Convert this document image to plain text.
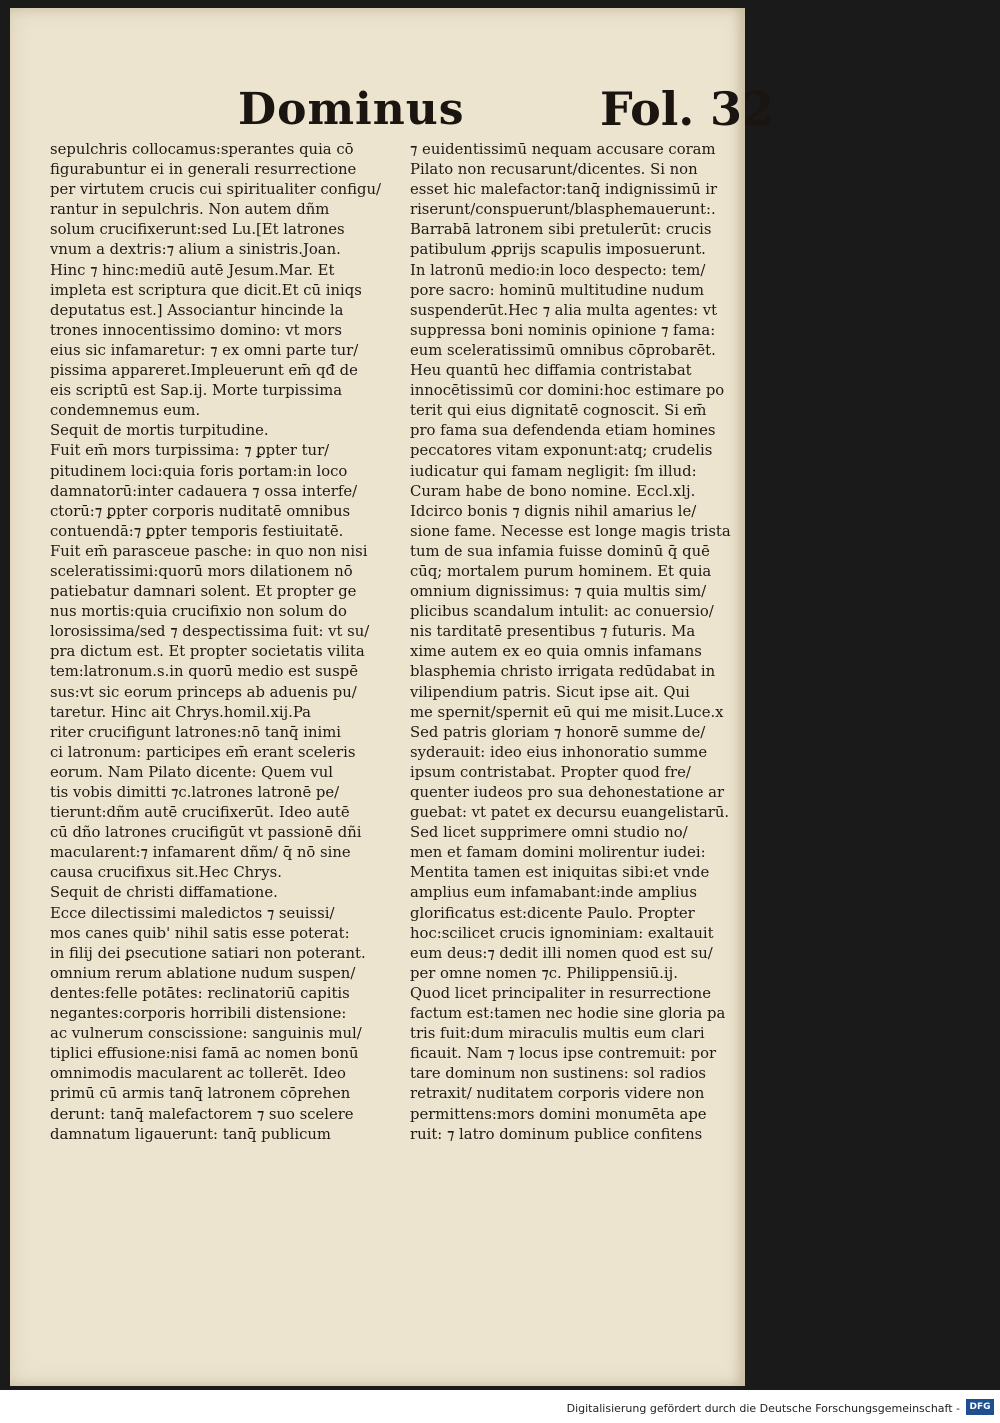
Dominus	Fol. 32
sepulchris collocamus:sperantes quia cō
figurabuntur ei in generali resurrectione
per virtutem crucis cui spiritualiter configu/
rantur in sepulchris. Non autem dñm
solum crucifixerunt:sed Lu.[Et latrones
vnum a dextris:⁊ alium a sinistris.Joan.
Hinc ⁊ hinc:mediū autē Jesum.Mar. Et
impleta est scriptura que dicit.Et cū iniqs
deputatus est.] Associantur hincinde la
trones innocentissimo domino: vt mors
eius sic infamaretur: ⁊ ex omni parte tur/
pissima appareret.Impleuerunt em̄ qđ de
eis scriptū est Sap.ij. Morte turpissima
condemnemus eum.
Sequit de mortis turpitudine.
Fuit em̄ mors turpissima: ⁊ ꝑpter tur/
pitudinem loci:quia foris portam:in loco
damnatorū:inter cadauera ⁊ ossa interfe/
ctorū:⁊ ꝑpter corporis nuditatē omnibus
contuendā:⁊ ꝑpter temporis festiuitatē.
Fuit em̄ parasceue pasche: in quo non nisi
sceleratissimi:quorū mors dilationem nō
patiebatur damnari solent. Et propter ge
nus mortis:quia crucifixio non solum do
lorosissima/sed ⁊ despectissima fuit: vt su/
pra dictum est. Et propter societatis vilita
tem:latronum.s.in quorū medio est suspē
sus:vt sic eorum princeps ab aduenis pu/
taretur. Hinc ait Chrys.homil.xij.Pa
riter crucifigunt latrones:nō tanq̄ inimi
ci latronum: participes em̄ erant sceleris
eorum. Nam Pilato dicente: Quem vul
tis vobis dimitti ⁊c.latrones latronē pe/
tierunt:dñm autē crucifixerūt. Ideo autē
cū dño latrones crucifigūt vt passionē dñi
macularent:⁊ infamarent dñm/ q̄ nō sine
causa crucifixus sit.Hec Chrys.
Sequit de christi diffamatione.
Ecce dilectissimi maledictos ⁊ seuissi/
mos canes quib' nihil satis esse poterat:
in filij dei ꝑsecutione satiari non poterant.
omnium rerum ablatione nudum suspen/
dentes:felle potātes: reclinatoriū capitis
negantes:corporis horribili distensione:
ac vulnerum conscissione: sanguinis mul/
tiplici effusione:nisi famā ac nomen bonū
omnimodis macularent ac tollerēt. Ideo
primū cū armis tanq̄ latronem cōprehen
derunt: tanq̄ malefactorem ⁊ suo scelere
damnatum ligauerunt: tanq̄ publicum
⁊ euidentissimū nequam accusare coram
Pilato non recusarunt/dicentes. Si non
esset hic malefactor:tanq̄ indignissimū ir
riserunt/conspuerunt/blasphemauerunt:.
Barrabā latronem sibi pretulerūt: crucis
patibulum ꝓprijs scapulis imposuerunt.
In latronū medio:in loco despecto: tem/
pore sacro: hominū multitudine nudum
suspenderūt.Hec ⁊ alia multa agentes: vt
suppressa boni nominis opinione ⁊ fama:
eum sceleratissimū omnibus cōprobarēt.
Heu quantū hec diffamia contristabat
innocētissimū cor domini:hoc estimare po
terit qui eius dignitatē cognoscit. Si em̄
pro fama sua defendenda etiam homines
peccatores vitam exponunt:atq; crudelis
iudicatur qui famam negligit: ſm illud:
Curam habe de bono nomine. Eccl.xlj.
Idcirco bonis ⁊ dignis nihil amarius le/
sione fame. Necesse est longe magis trista
tum de sua infamia fuisse dominū q̄ quē
cūq; mortalem purum hominem. Et quia
omnium dignissimus: ⁊ quia multis sim/
plicibus scandalum intulit: ac conuersio/
nis tarditatē presentibus ⁊ futuris. Ma
xime autem ex eo quia omnis infamans
blasphemia christo irrigata redūdabat in
vilipendium patris. Sicut ipse ait. Qui
me spernit/spernit eū qui me misit.Luce.x
Sed patris gloriam ⁊ honorē summe de/
syderauit: ideo eius inhonoratio summe
ipsum contristabat. Propter quod fre/
quenter iudeos pro sua dehonestatione ar
guebat: vt patet ex decursu euangelistarū.
Sed licet supprimere omni studio no/
men et famam domini molirentur iudei:
Mentita tamen est iniquitas sibi:et vnde
amplius eum infamabant:inde amplius
glorificatus est:dicente Paulo. Propter
hoc:scilicet crucis ignominiam: exaltauit
eum deus:⁊ dedit illi nomen quod est su/
per omne nomen ⁊c. Philippensiū.ij.
Quod licet principaliter in resurrectione
factum est:tamen nec hodie sine gloria pa
tris fuit:dum miraculis multis eum clari
ficauit. Nam ⁊ locus ipse contremuit: por
tare dominum non sustinens: sol radios
retraxit/ nuditatem corporis videre non
permittens:mors domini monumēta ape
ruit: ⁊ latro dominum publice confitens
Digitalisierung gefördert durch die Deutsche Forschungsgemeinschaft -	DFG
